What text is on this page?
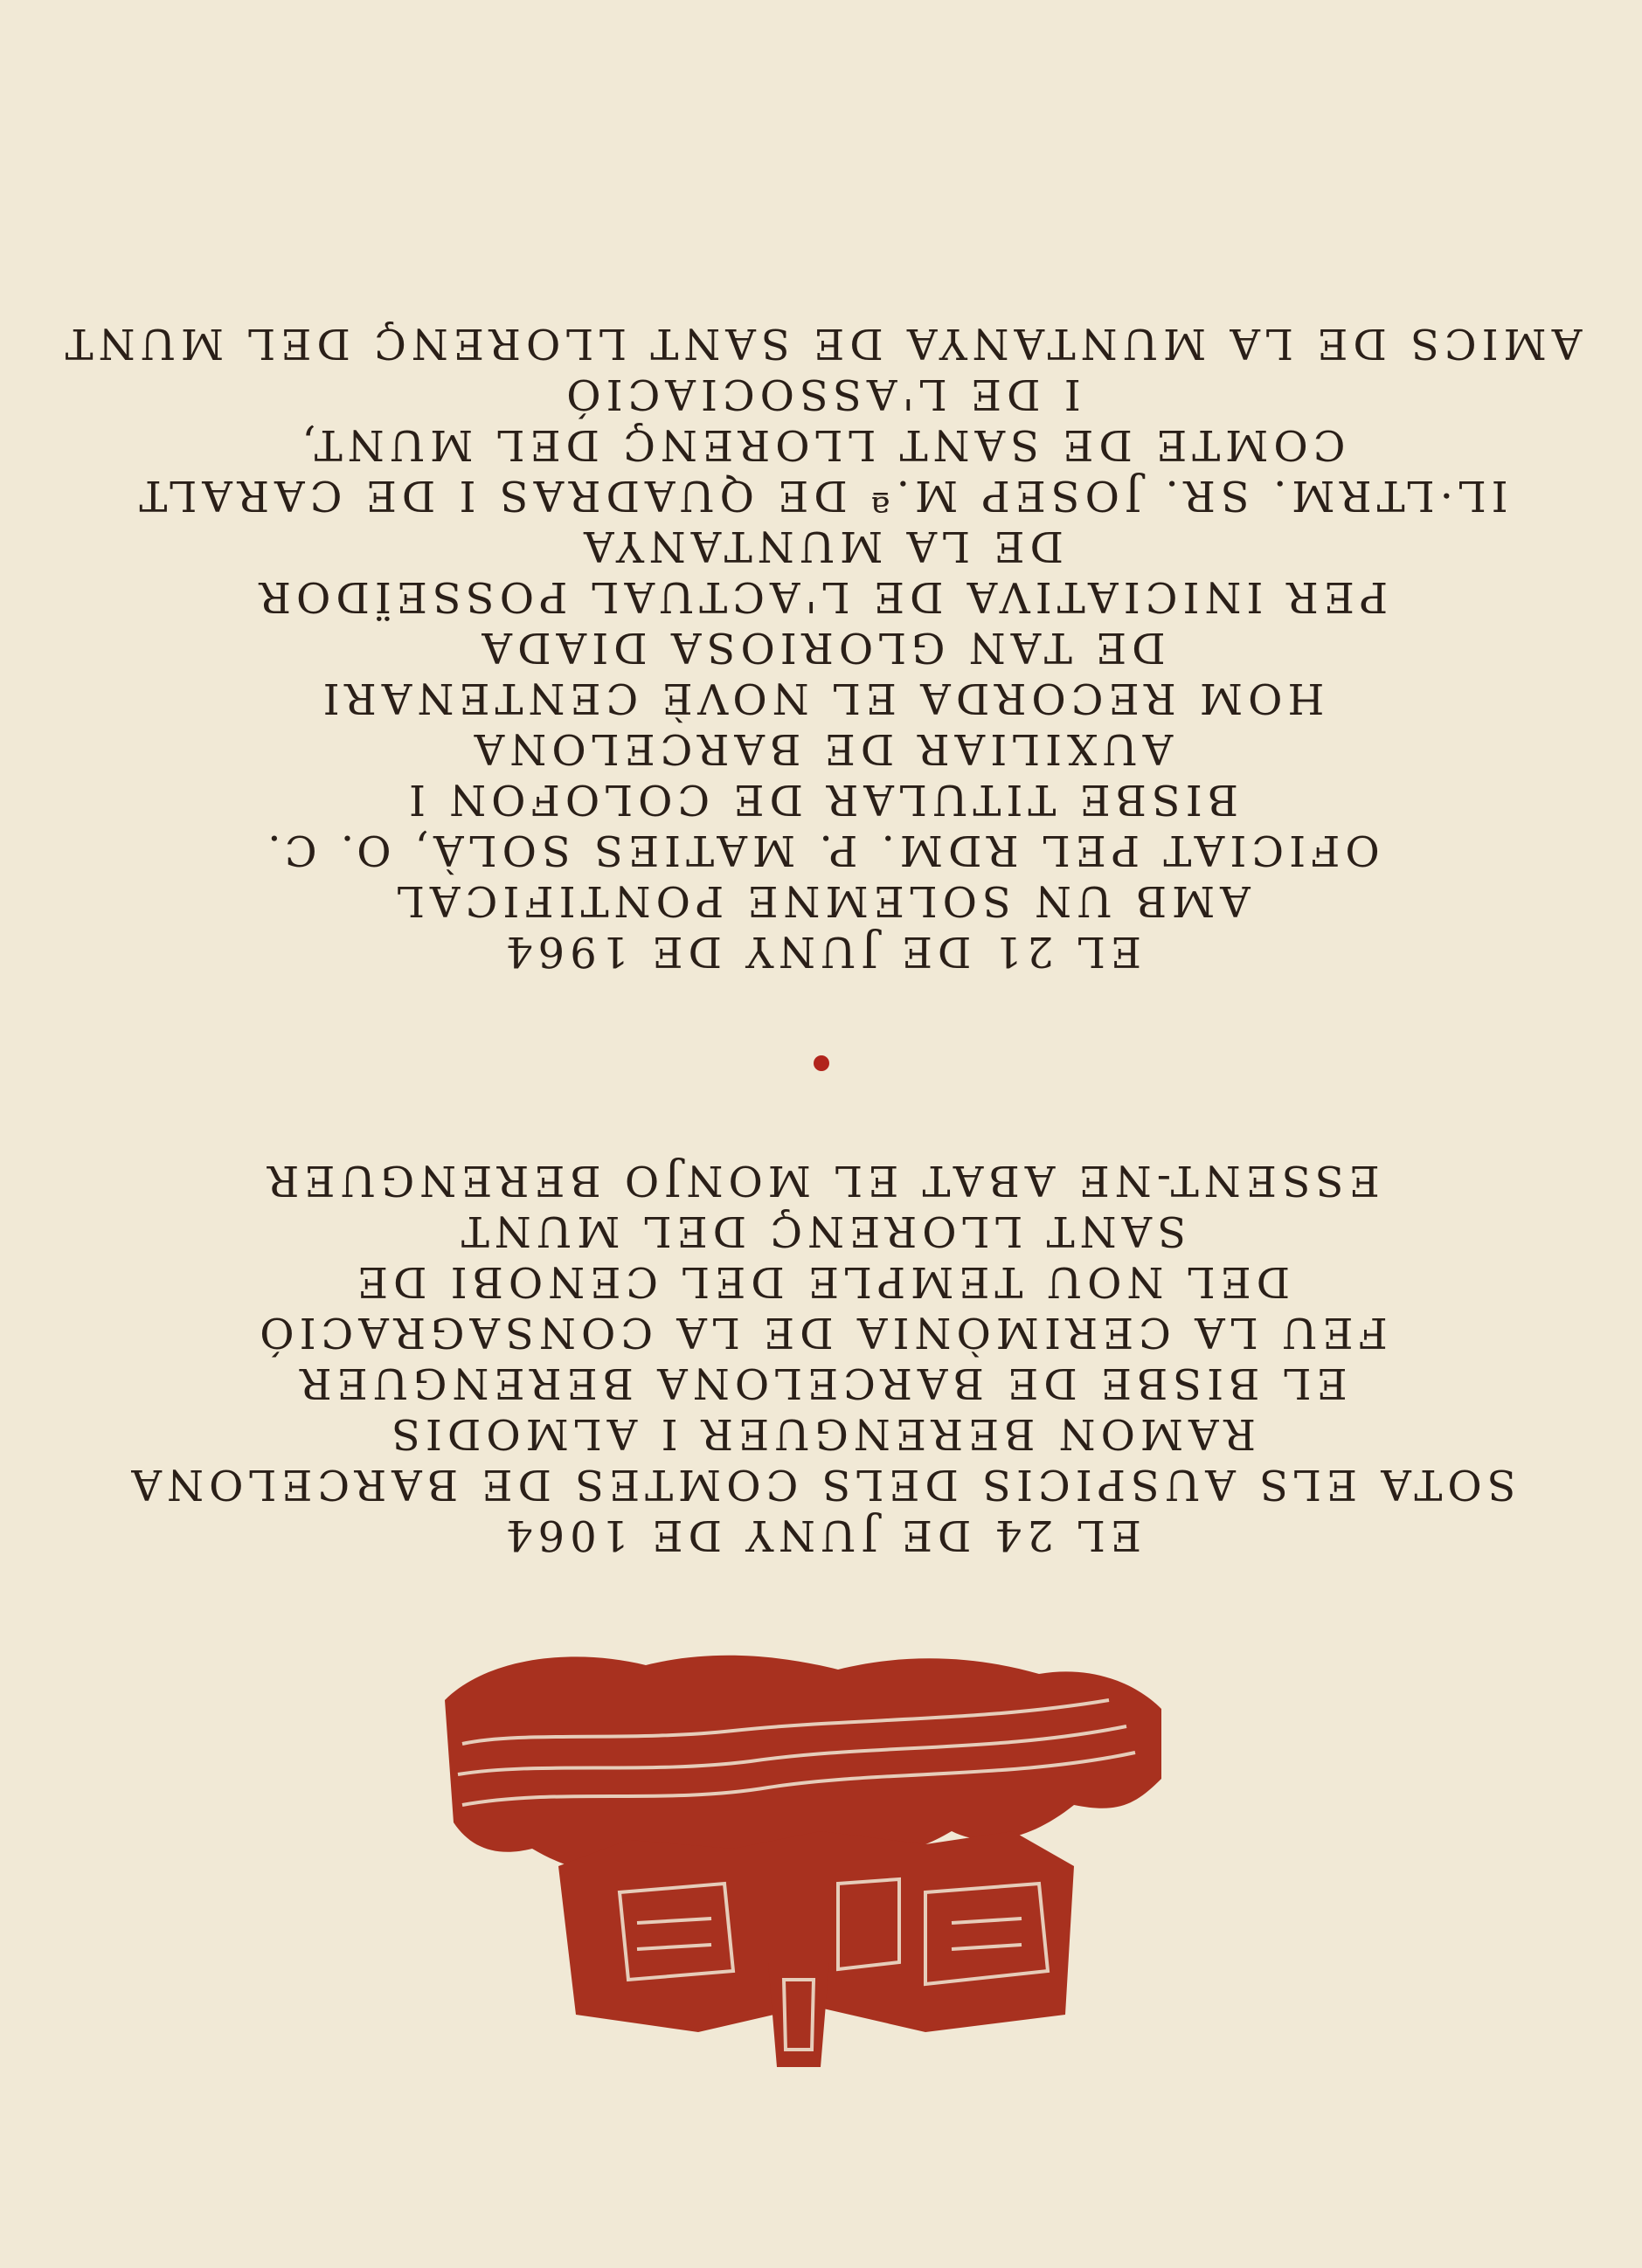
EL 24 DE JUNY DE 1064
SOTA ELS AUSPICIS DELS COMTES DE BARCELONA
RAMON BERENGUER I ALMODIS
EL BISBE DE BARCELONA BERENGUER
FEU LA CERIMÒNIA DE LA CONSAGRACIÓ
DEL NOU TEMPLE DEL CENOBI DE
SANT LLORENÇ DEL MUNT
ESSENT-NE ABAT EL MONJO BERENGUER
EL 21 DE JUNY DE 1964
AMB UN SOLEMNE PONTIFICAL
OFICIAT PEL RDM. P. MATIES SOLÀ, O. C.
BISBE TITULAR DE COLOFON I
AUXILIAR DE BARCELONA
HOM RECORDA EL NOVÈ CENTENARI
DE TAN GLORIOSA DIADA
PER INICIATIVA DE L'ACTUAL POSSEÏDOR
DE LA MUNTANYA
IL·LTRM. SR. JOSEP M.ª DE QUADRAS I DE CARALT
COMTE DE SANT LLORENÇ DEL MUNT,
I DE L'ASSOCIACIÓ
AMICS DE LA MUNTANYA DE SANT LLORENÇ DEL MUNT
